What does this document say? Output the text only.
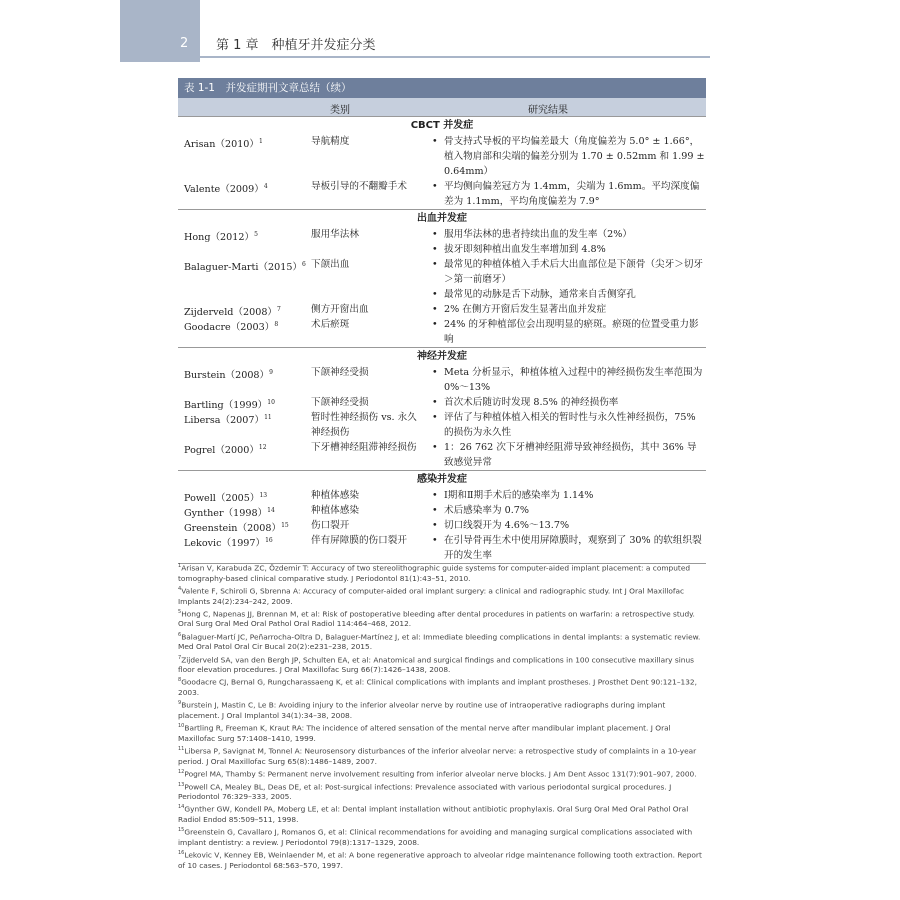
2 第 1 章　种植牙并发症分类
表 1-1　并发症期刊文章总结（续）
类别	研究结果
CBCT 并发症
$Arisan(2010)^1$	导航精度	• 骨支持式导板的平均偏差最大（角度偏差为 5.0° ± 1.66°，植入物肩部和尖端的偏差分别为 1.70 ± 0.52mm 和 1.99 ± 0.64mm）
$Valente(2009)^4$	导板引导的不翻瓣手术	• 平均侧向偏差冠方为 1.4mm，尖端为 1.6mm。平均深度偏差为 1.1mm，平均角度偏差为 7.9°
出血并发症
$Hong(2012)^5$	服用华法林	• 服用华法林的患者持续出血的发生率（2%）
• 拔牙即刻种植出血发生率增加到 4.8%
Balaguer-$Marti(2015)^6$ 下颌出血	• 最常见的种植体植入手术后大出血部位是下颌骨（尖牙＞切牙＞第一前磨牙）
• 最常见的动脉是舌下动脉，通常来自舌侧穿孔
$Zijderveld(2008)^7$	侧方开窗出血	• 2% 在侧方开窗后发生显著出血并发症
$Goodacre(2003)^8$	术后瘀斑	• 24% 的牙种植部位会出现明显的瘀斑。瘀斑的位置受重力影响
神经并发症
$Burstein(2008)^9$	下颌神经受损	• Meta 分析显示，种植体植入过程中的神经损伤发生率范围为 0%～13%
$Bartling(1999)^{10}$	下颌神经受损	• 首次术后随访时发现 8.5% 的神经损伤率
$Libersa(2007)^{11}$	暂时性神经损伤 vs. 永久神经损伤
• 评估了与种植体植入相关的暂时性与永久性神经损伤，75% 的损伤为永久性
$Pogrel(2000)^{12}$	下牙槽神经阻滞神经损伤	• 1：26 762 次下牙槽神经阻滞导致神经损伤，其中 36% 导致感觉异常
感染并发症
$Powell(2005)^{13}$	种植体感染	• Ⅰ期和Ⅱ期手术后的感染率为 1.14%
$Gynther(1998)^{14}$	种植体感染	• 术后感染率为 0.7%
$Greenstein(2008)^{15}$	伤口裂开	• 切口线裂开为 4.6%～13.7%
$Lekovic(1997)^{16}$	伴有屏障膜的伤口裂开	• 在引导骨再生术中使用屏障膜时，观察到了 30% 的软组织裂开的发生率

$^1$Arisan V, Karabuda ZC, Özdemir T: Accuracy of two stereolithographic guide systems for computer-aided implant placement: a computed tomography-based clinical comparative study. J Periodontol 81(1):43–51, 2010.

$^4$Valente F, Schiroli G, Sbrenna A: Accuracy of computer-aided oral implant surgery: a clinical and radiographic study. Int J Oral Maxillofac Implants 24(2):234–242, 2009.

$^5$Hong C, Napenas JJ, Brennan M, et al: Risk of postoperative bleeding after dental procedures in patients on warfarin: a retrospective study. Oral Surg Oral Med Oral Pathol Oral Radiol 114:464–468, 2012.

$^6$Balaguer-Martí JC, Peñarrocha-Oltra D, Balaguer-Martínez J, et al: Immediate bleeding complications in dental implants: a systematic review. Med Oral Patol Oral Cir Bucal 20(2):e231–238, 2015.

$^7$Zijderveld SA, van den Bergh JP, Schulten EA, et al: Anatomical and surgical findings and complications in 100 consecutive maxillary sinus floor elevation procedures. J Oral Maxillofac Surg 66(7):1426–1438, 2008.

$^8$Goodacre CJ, Bernal G, Rungcharassaeng K, et al: Clinical complications with implants and implant prostheses. J Prosthet Dent 90:121–132, 2003.

$^9$Burstein J, Mastin C, Le B: Avoiding injury to the inferior alveolar nerve by routine use of intraoperative radiographs during implant placement. J Oral Implantol 34(1):34–38, 2008.

$^{10}$Bartling R, Freeman K, Kraut RA: The incidence of altered sensation of the mental nerve after mandibular implant placement. J Oral Maxillofac Surg 57:1408–1410, 1999.

$^{11}$Libersa P, Savignat M, Tonnel A: Neurosensory disturbances of the inferior alveolar nerve: a retrospective study of complaints in a 10-year period. J Oral Maxillofac Surg 65(8):1486–1489, 2007.

$^{12}$Pogrel MA, Thamby S: Permanent nerve involvement resulting from inferior alveolar nerve blocks. J Am Dent Assoc 131(7):901–907, 2000.

$^{13}$Powell CA, Mealey BL, Deas DE, et al: Post-surgical infections: Prevalence associated with various periodontal surgical procedures. J Periodontol 76:329–333, 2005.

$^{14}$Gynther GW, Kondell PA, Moberg LE, et al: Dental implant installation without antibiotic prophylaxis. Oral Surg Oral Med Oral Pathol Oral Radiol Endod 85:509–511, 1998.

$^{15}$Greenstein G, Cavallaro J, Romanos G, et al: Clinical recommendations for avoiding and managing surgical complications associated with implant dentistry: a review. J Periodontol 79(8):1317–1329, 2008.

$^{16}$Lekovic V, Kenney EB, Weinlaender M, et al: A bone regenerative approach to alveolar ridge maintenance following tooth extraction. Report of 10 cases. J Periodontol 68:563–570, 1997.
